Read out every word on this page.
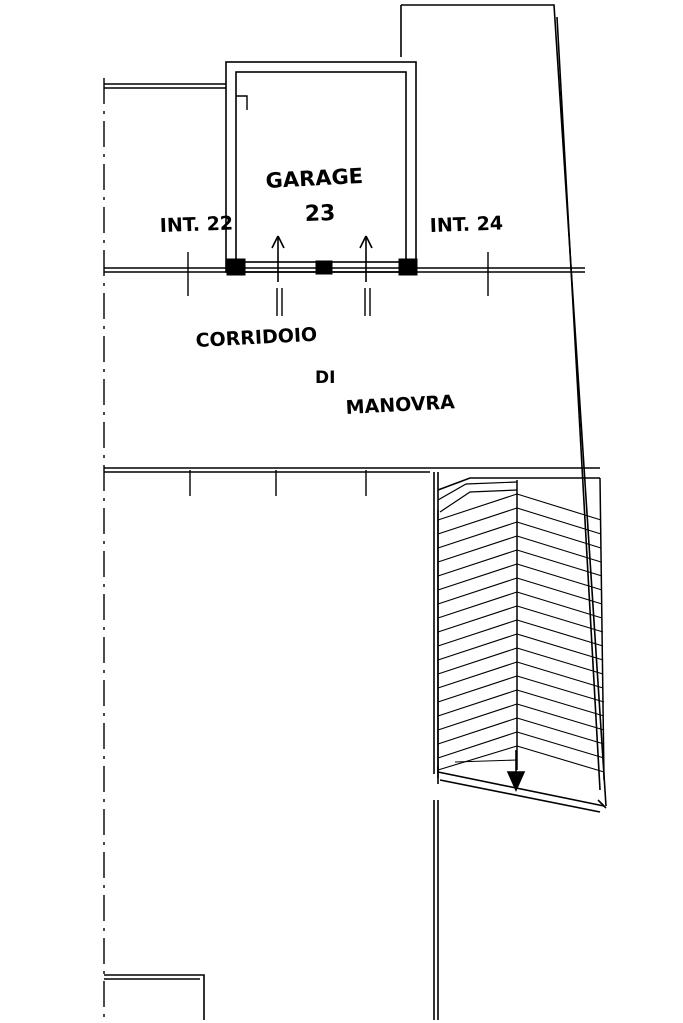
GARAGE
23
INT. 22	INT. 24
CORRIDOIO
DI
MANOVRA
